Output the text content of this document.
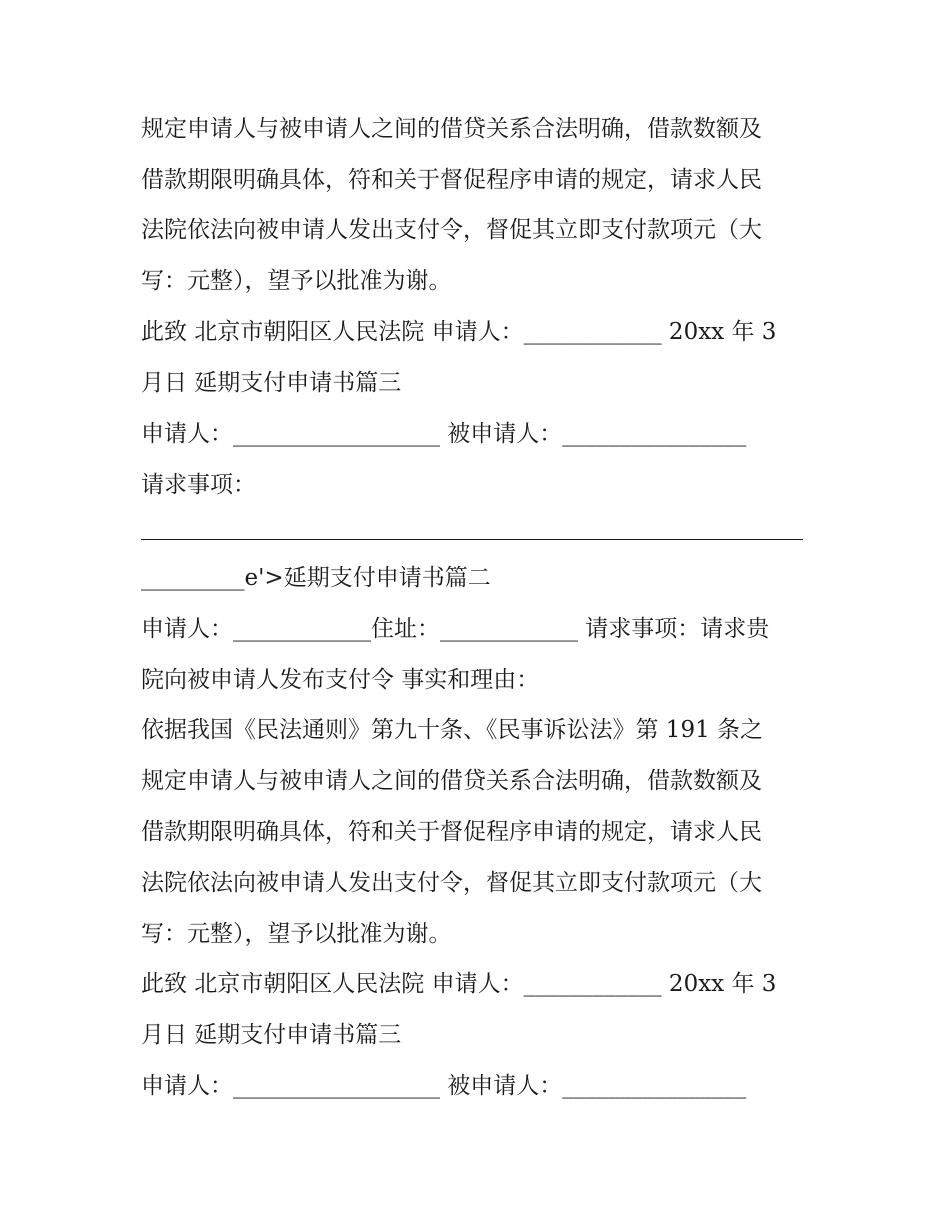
规定申请人与被申请人之间的借贷关系合法明确，借款数额及
借款期限明确具体，符和关于督促程序申请的规定，请求人民
法院依法向被申请人发出支付令，督促其立即支付款项元（大
写：元整），望予以批准为谢。
此致 北京市朝阳区人民法院 申请人：____________ 20xx 年 3
月日 延期支付申请书篇三
申请人：__________________ 被申请人：________________
请求事项：
_________e'>延期支付申请书篇二
申请人：____________住址：____________ 请求事项：请求贵
院向被申请人发布支付令 事实和理由：
依据我国《民法通则》第九十条、《民事诉讼法》第 191 条之
规定申请人与被申请人之间的借贷关系合法明确，借款数额及
借款期限明确具体，符和关于督促程序申请的规定，请求人民
法院依法向被申请人发出支付令，督促其立即支付款项元（大
写：元整），望予以批准为谢。
此致 北京市朝阳区人民法院 申请人：____________ 20xx 年 3
月日 延期支付申请书篇三
申请人：__________________ 被申请人：________________
